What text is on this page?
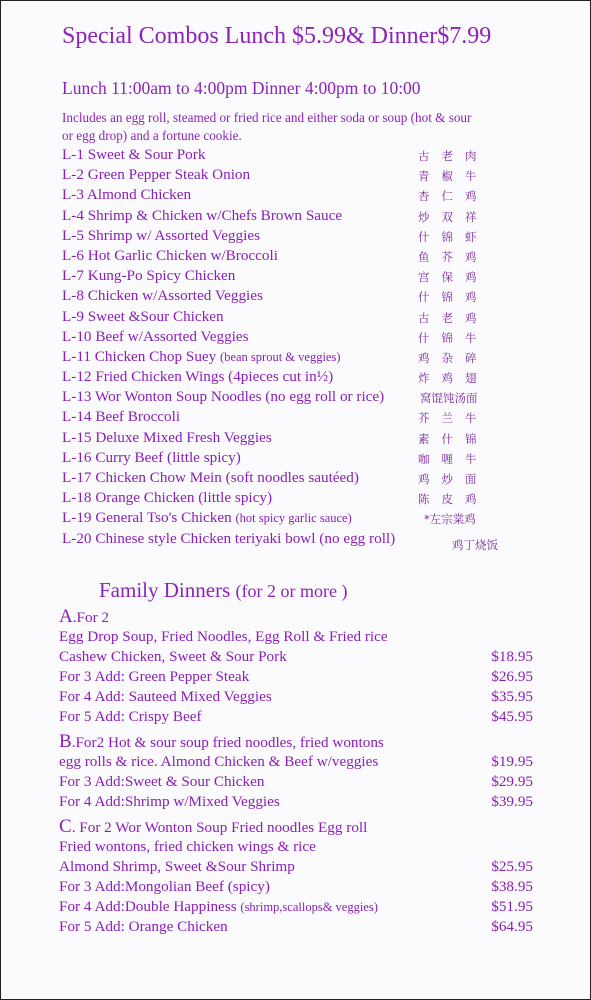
Special Combos Lunch $5.99& Dinner$7.99
Lunch 11:00am to 4:00pm Dinner 4:00pm to 10:00
Includes an egg roll, steamed or fried rice and either soda or soup (hot & sour or egg drop) and a fortune cookie.
L-1 Sweet & Sour Pork	古老肉
L-2 Green Pepper Steak Onion	青椒牛
L-3 Almond Chicken	杏仁鸡
L-4 Shrimp & Chicken w/Chefs Brown Sauce	炒双祥
L-5 Shrimp w/ Assorted Veggies	什锦虾
L-6 Hot Garlic Chicken w/Broccoli	鱼芥鸡
L-7 Kung-Po Spicy Chicken	宫保鸡
L-8 Chicken w/Assorted Veggies	什锦鸡
L-9 Sweet &Sour Chicken	古老鸡
L-10 Beef w/Assorted Veggies	什锦牛
L-11 Chicken Chop Suey (bean sprout & veggies)	鸡杂碎
L-12 Fried Chicken Wings (4pieces cut in½)	炸鸡翅
L-13 Wor Wonton Soup Noodles (no egg roll or rice)	窝馄饨汤面
L-14 Beef Broccoli	芥兰牛
L-15 Deluxe Mixed Fresh Veggies	素什锦
L-16 Curry Beef (little spicy)	咖喱牛
L-17 Chicken Chow Mein (soft noodles sautéed)	鸡炒面
L-18 Orange Chicken (little spicy)	陈皮鸡
L-19 General Tso's Chicken (hot spicy garlic sauce)	*左宗棠鸡
L-20 Chinese style Chicken teriyaki bowl (no egg roll)	鸡丁烧饭
Family Dinners (for 2 or more )
A.For 2
Egg Drop Soup, Fried Noodles, Egg Roll & Fried rice
Cashew Chicken, Sweet & Sour Pork	$18.95
For 3 Add: Green Pepper Steak	$26.95
For 4 Add: Sauteed Mixed Veggies	$35.95
For 5 Add: Crispy Beef	$45.95
B.For2 Hot & sour soup fried noodles, fried wontons
egg rolls & rice. Almond Chicken & Beef w/veggies	$19.95
For 3 Add:Sweet & Sour Chicken	$29.95
For 4 Add:Shrimp w/Mixed Veggies	$39.95
C. For 2 Wor Wonton Soup Fried noodles Egg roll
Fried wontons, fried chicken wings & rice
Almond Shrimp, Sweet &Sour Shrimp	$25.95
For 3 Add:Mongolian Beef (spicy)	$38.95
For 4 Add:Double Happiness (shrimp,scallops& veggies)	$51.95
For 5 Add: Orange Chicken	$64.95
